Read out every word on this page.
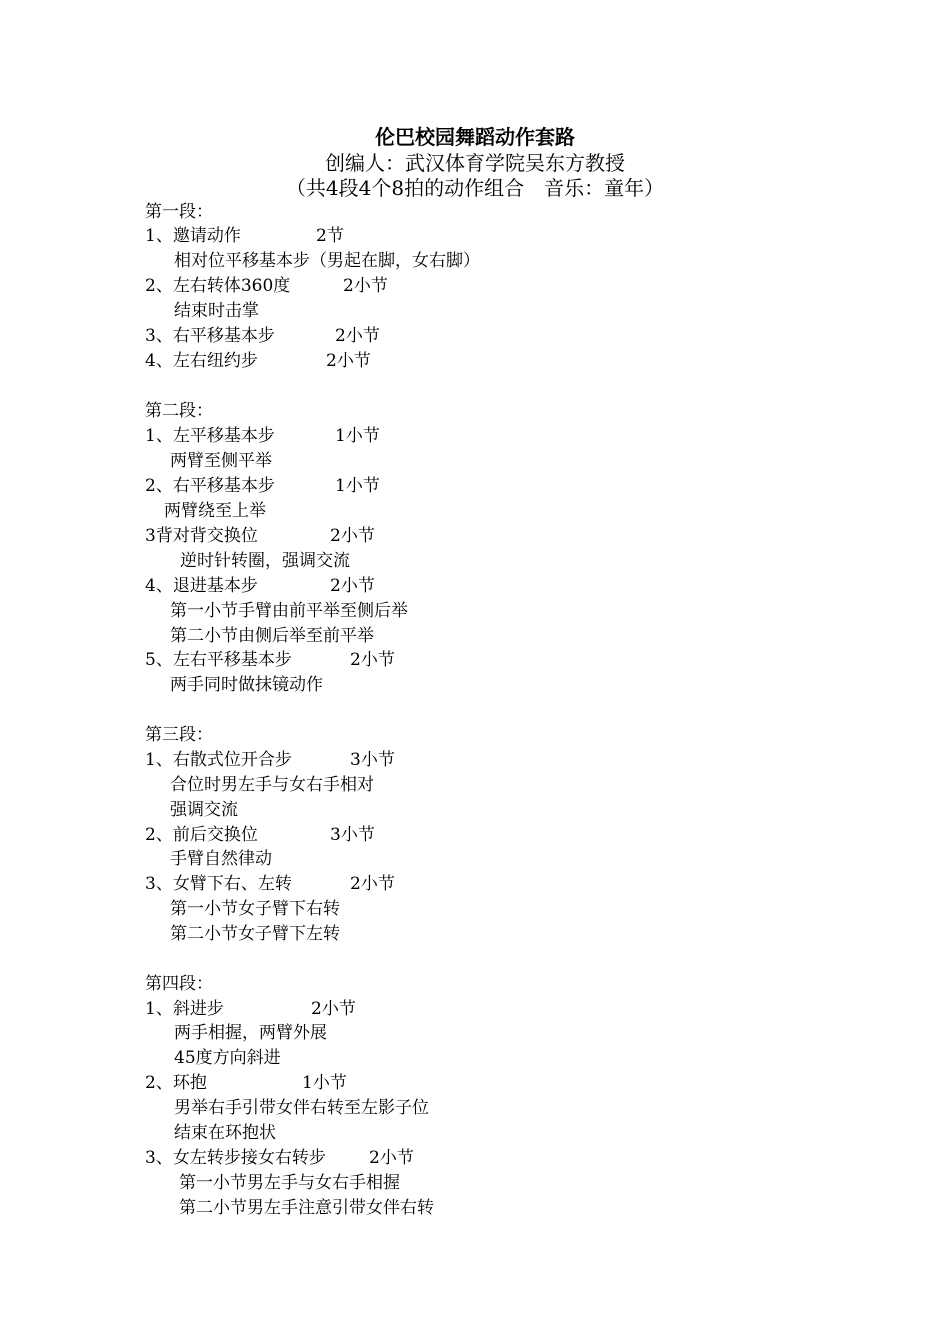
伦巴校园舞蹈动作套路
创编人：武汉体育学院吴东方教授
（共4段4个8拍的动作组合　音乐：童年）
第一段：
1、邀请动作	2节
相对位平移基本步（男起在脚，女右脚）
2、左右转体360度	2小节
结束时击掌
3、右平移基本步	2小节
4、左右纽约步	2小节
第二段：
1、左平移基本步	1小节
两臂至侧平举
2、右平移基本步	1小节
两臂绕至上举
3背对背交换位	2小节
逆时针转圈，强调交流
4、退进基本步	2小节
第一小节手臂由前平举至侧后举
第二小节由侧后举至前平举
5、左右平移基本步	2小节
两手同时做抹镜动作
第三段：
1、右散式位开合步	3小节
合位时男左手与女右手相对
强调交流
2、前后交换位	3小节
手臂自然律动
3、女臂下右、左转	2小节
第一小节女子臂下右转
第二小节女子臂下左转
第四段：
1、斜进步	2小节
两手相握，两臂外展
45度方向斜进
2、环抱	1小节
男举右手引带女伴右转至左影子位
结束在环抱状
3、女左转步接女右转步	2小节
第一小节男左手与女右手相握
第二小节男左手注意引带女伴右转
